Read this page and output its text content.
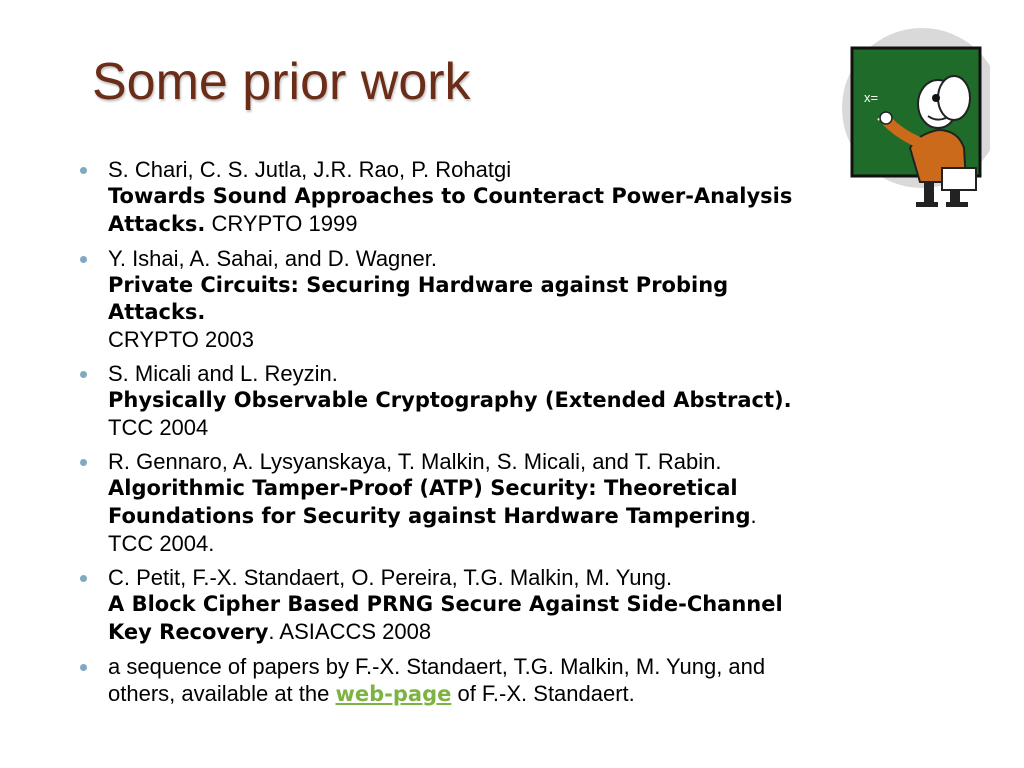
Some prior work	x=
S. Chari, C. S. Jutla, J.R. Rao, P. Rohatgi
Towards Sound Approaches to Counteract Power-Analysis
Attacks. CRYPTO 1999
Y. Ishai, A. Sahai, and D. Wagner.
Private Circuits: Securing Hardware against Probing
Attacks.
CRYPTO 2003
S. Micali and L. Reyzin.
Physically Observable Cryptography (Extended Abstract).
TCC 2004
R. Gennaro, A. Lysyanskaya, T. Malkin, S. Micali, and T. Rabin.
Algorithmic Tamper-Proof (ATP) Security: Theoretical
Foundations for Security against Hardware Tampering.
TCC 2004.
C. Petit, F.-X. Standaert, O. Pereira, T.G. Malkin, M. Yung.
A Block Cipher Based PRNG Secure Against Side-Channel
Key Recovery. ASIACCS 2008
a sequence of papers by F.-X. Standaert, T.G. Malkin, M. Yung, and
others, available at the web-page of F.-X. Standaert.
